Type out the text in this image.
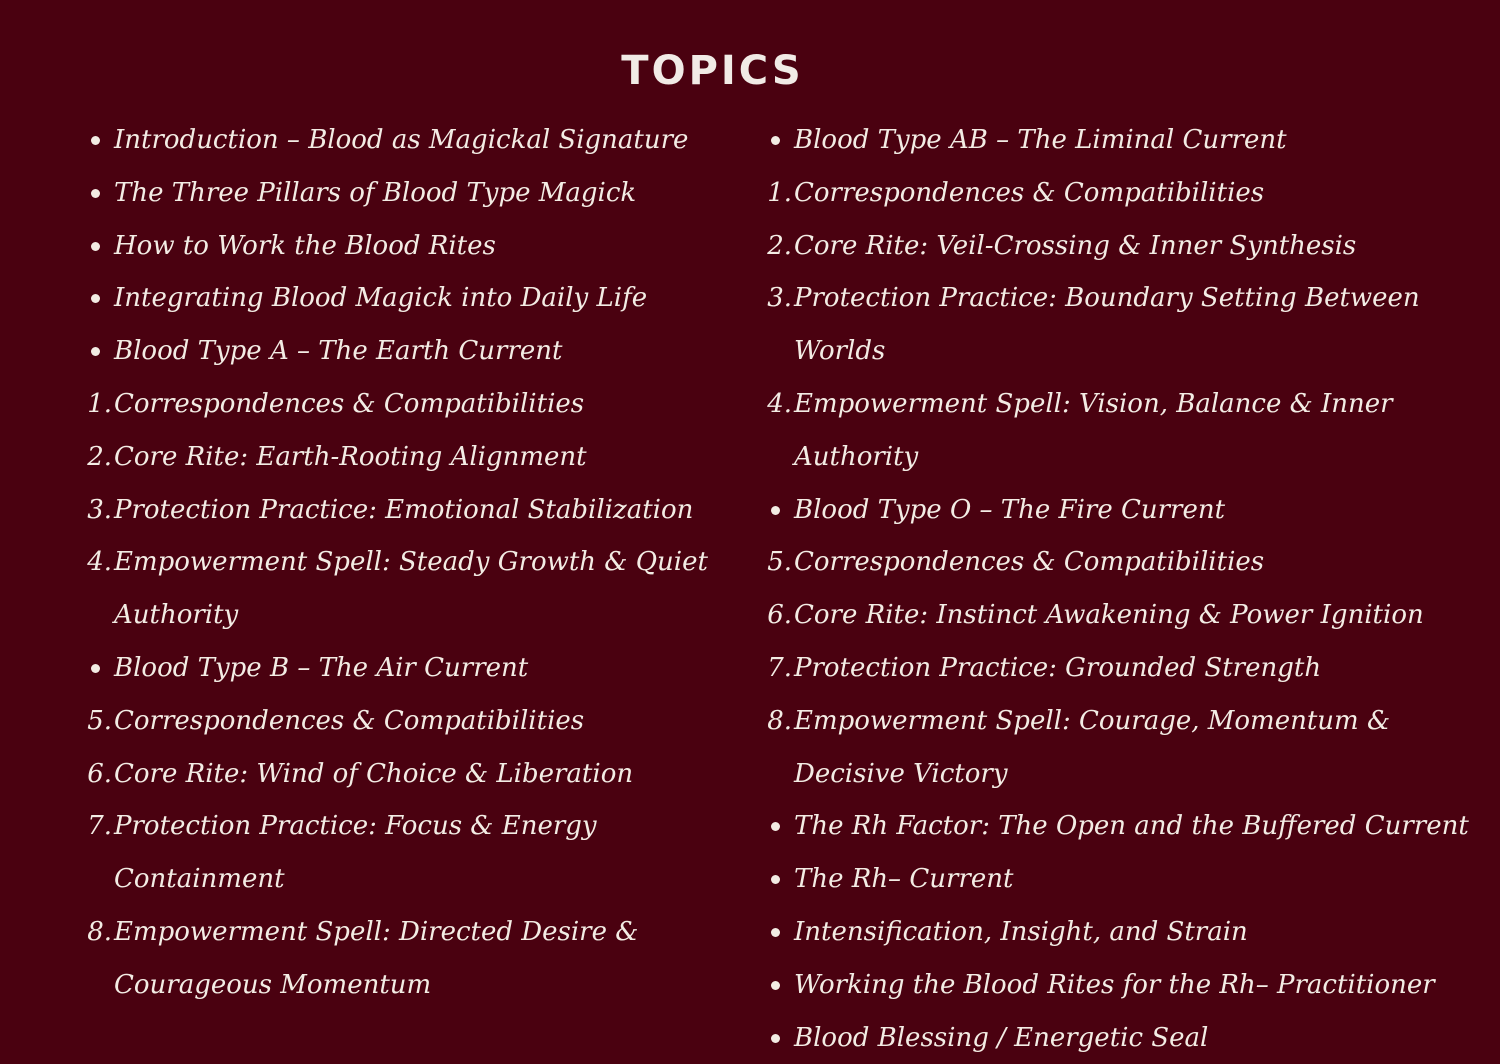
TOPICS
Introduction – Blood as Magickal Signature
The Three Pillars of Blood Type Magick
How to Work the Blood Rites
Integrating Blood Magick into Daily Life
Blood Type A – The Earth Current
1. Correspondences & Compatibilities
2. Core Rite: Earth-Rooting Alignment
3. Protection Practice: Emotional Stabilization
4. Empowerment Spell: Steady Growth & Quiet Authority
Blood Type B – The Air Current
5. Correspondences & Compatibilities
6. Core Rite: Wind of Choice & Liberation
7. Protection Practice: Focus & Energy Containment
8. Empowerment Spell: Directed Desire & Courageous Momentum
Blood Type AB – The Liminal Current
1. Correspondences & Compatibilities
2. Core Rite: Veil-Crossing & Inner Synthesis
3. Protection Practice: Boundary Setting Between Worlds
4. Empowerment Spell: Vision, Balance & Inner Authority
Blood Type O – The Fire Current
5. Correspondences & Compatibilities
6. Core Rite: Instinct Awakening & Power Ignition
7. Protection Practice: Grounded Strength
8. Empowerment Spell: Courage, Momentum & Decisive Victory
The Rh Factor: The Open and the Buffered Current
The Rh– Current
Intensification, Insight, and Strain
Working the Blood Rites for the Rh– Practitioner
Blood Blessing / Energetic Seal
